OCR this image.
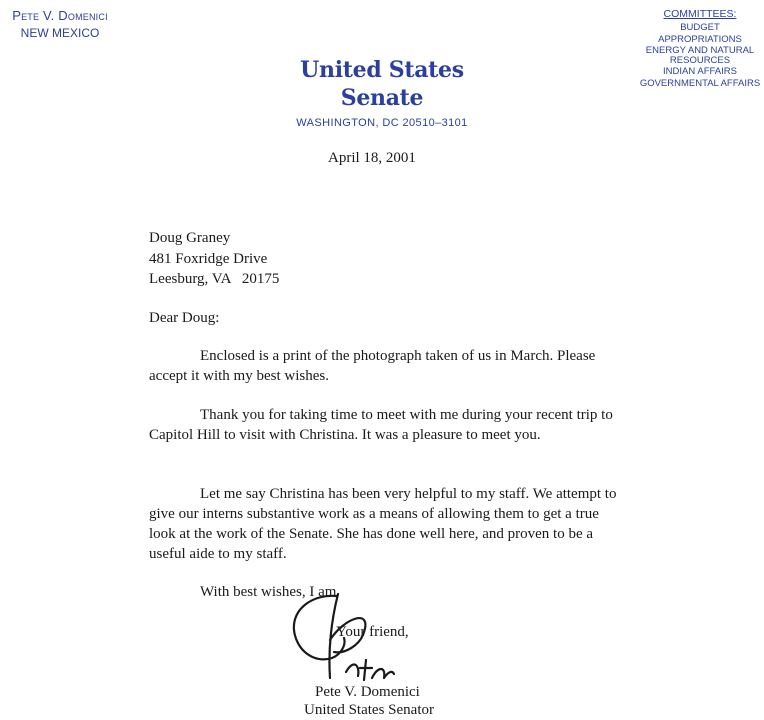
Pete V. Domenici
NEW MEXICO
United States Senate
WASHINGTON, DC 20510–3101
COMMITTEES:
BUDGET
APPROPRIATIONS
ENERGY AND NATURAL RESOURCES
INDIAN AFFAIRS
GOVERNMENTAL AFFAIRS
April 18, 2001
Doug Graney
481 Foxridge Drive
Leesburg, VA   20175
Dear Doug:

Enclosed is a print of the photograph taken of us in March. Please accept it with my best wishes.

Thank you for taking time to meet with me during your recent trip to Capitol Hill to visit with Christina. It was a pleasure to meet you.

Let me say Christina has been very helpful to my staff. We attempt to give our interns substantive work as a means of allowing them to get a true look at the work of the Senate. She has done well here, and proven to be a useful aide to my staff.

With best wishes, I am
Your friend,
Pete V. Domenici
United States Senator
